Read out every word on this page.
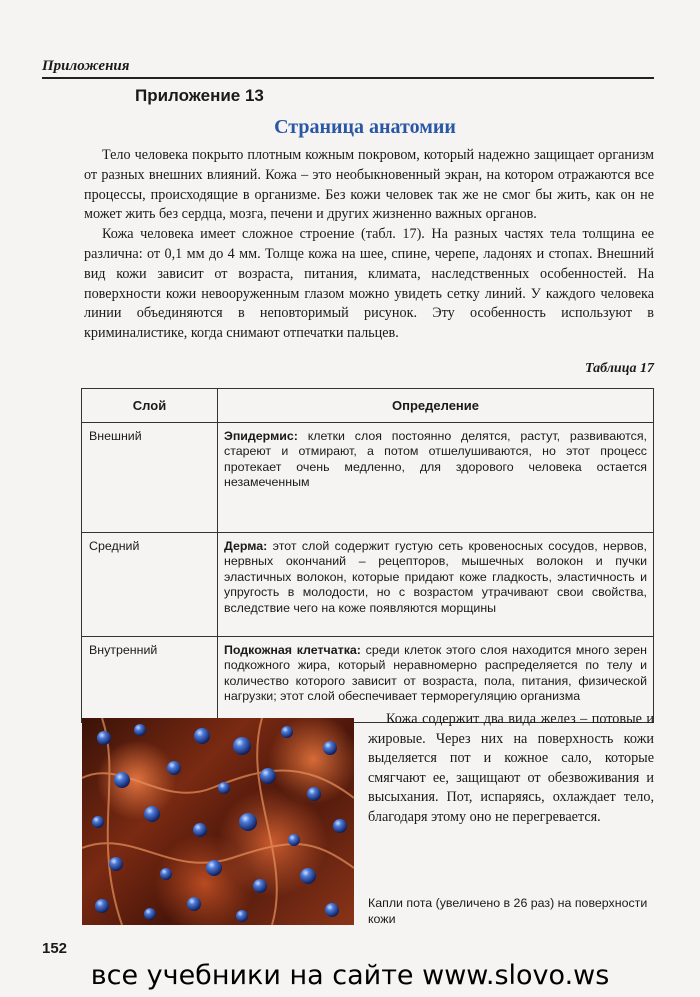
Приложения
Приложение 13
Страница анатомии

Тело человека покрыто плотным кожным покровом, который надежно защищает организм от разных внешних влияний. Кожа – это необыкновенный экран, на котором отражаются все процессы, происходящие в организме. Без кожи человек так же не смог бы жить, как он не может жить без сердца, мозга, печени и других жизненно важных органов.

Кожа человека имеет сложное строение (табл. 17). На разных частях тела толщина ее различна: от 0,1 мм до 4 мм. Толще кожа на шее, спине, черепе, ладонях и стопах. Внешний вид кожи зависит от возраста, питания, климата, наследственных особенностей. На поверхности кожи невооруженным глазом можно увидеть сетку линий. У каждого человека линии объединяются в неповторимый рисунок. Эту особенность используют в криминалистике, когда снимают отпечатки пальцев.

Таблица 17
Слой	Определение
Внешний	Эпидермис: клетки слоя постоянно делятся, растут, развиваются, стареют и отмирают, а потом отшелушиваются, но этот процесс протекает очень медленно, для здорового человека остается незамеченным
Средний	Дерма: этот слой содержит густую сеть кровеносных сосудов, нервов, нервных окончаний – рецепторов, мышечных волокон и пучки эластичных волокон, которые придают коже гладкость, эластичность и упругость в молодости, но с возрастом утрачивают свои свойства, вследствие чего на коже появляются морщины
Внутренний	Подкожная клетчатка: среди клеток этого слоя находится много зерен подкожного жира, который неравномерно распределяется по телу и количество которого зависит от возраста, пола, питания, физической нагрузки; этот слой обеспечивает терморегуляцию организма

Кожа содержит два вида желез – потовые и жировые. Через них на поверхность кожи выделяется пот и кожное сало, которые смягчают ее, защищают от обезвоживания и высыхания. Пот, испаряясь, охлаждает тело, благодаря этому оно не перегревается.

Капли пота (увеличено в 26 раз) на поверхности кожи
152
все учебники на сайте www.slovo.ws
